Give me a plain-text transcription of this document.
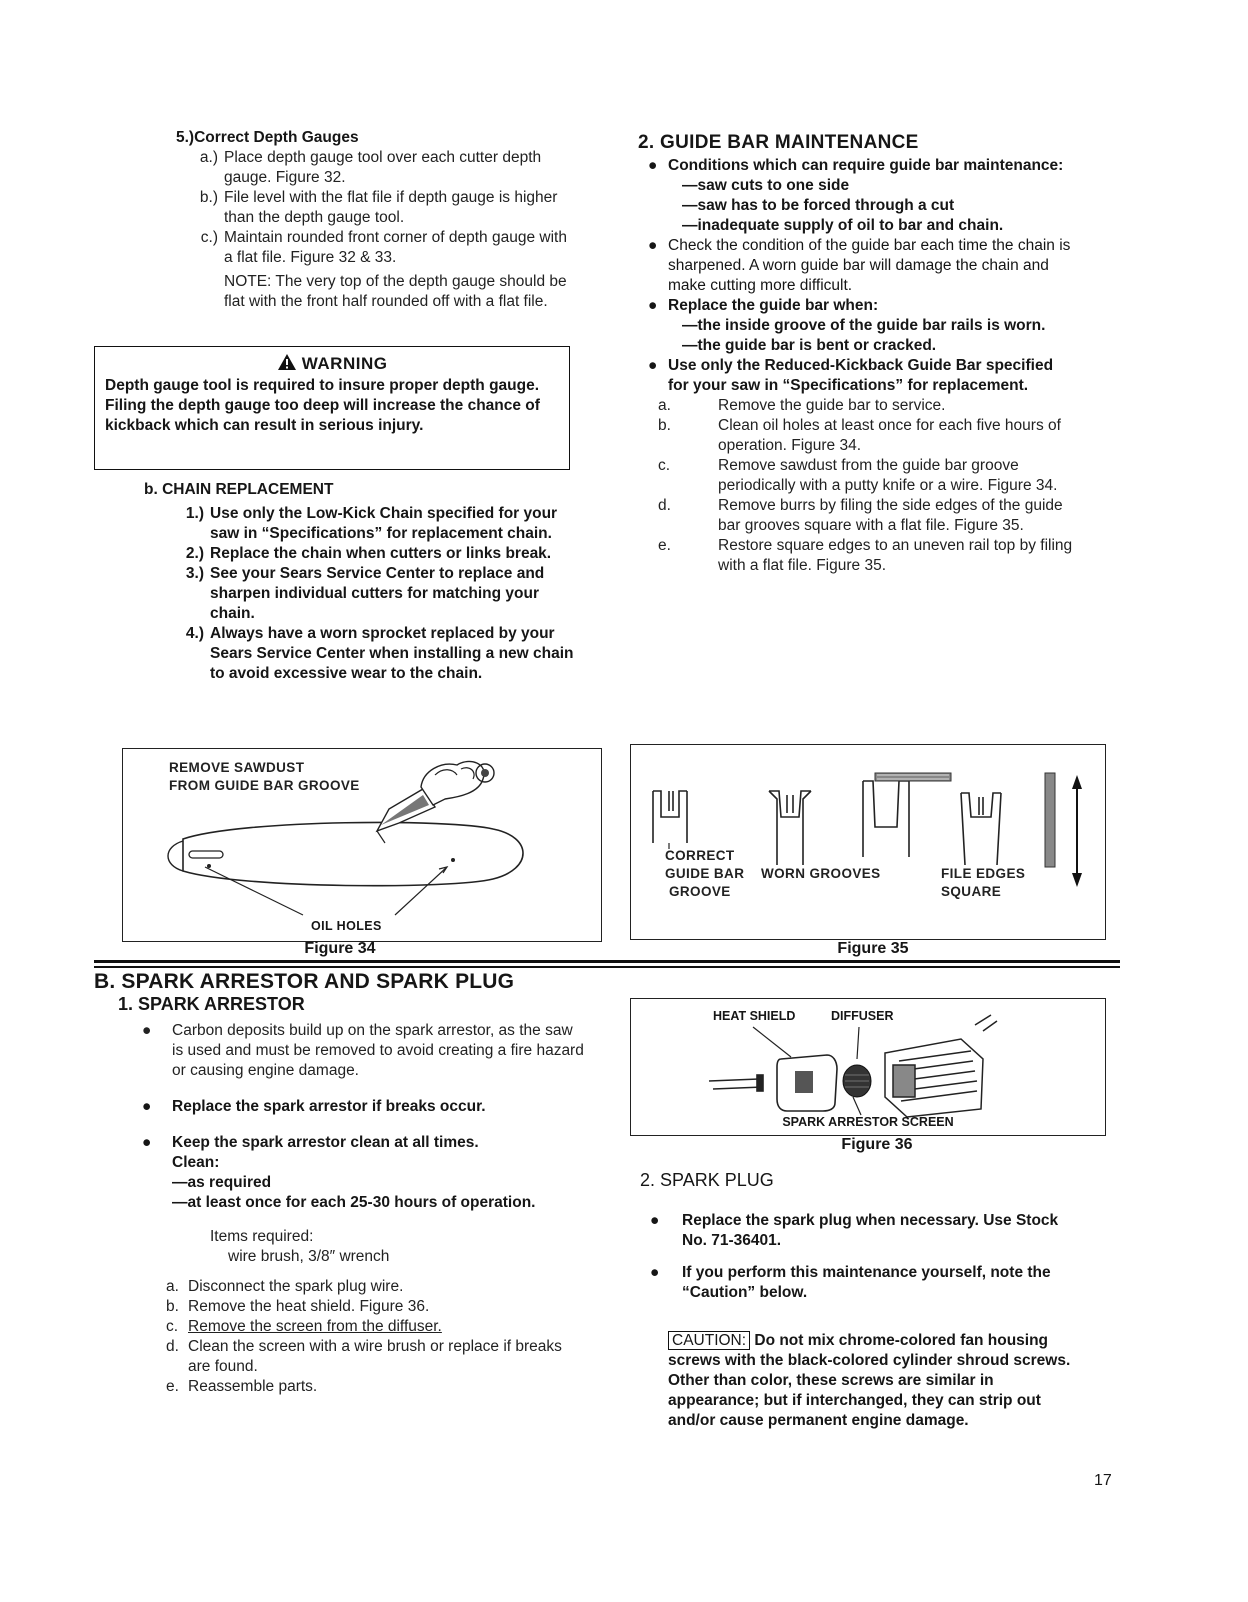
5.)Correct Depth Gauges

a.) Place depth gauge tool over each cutter depth gauge. Figure 32.
b.) File level with the flat file if depth gauge is higher than the depth gauge tool.
c.) Maintain rounded front corner of depth gauge with a flat file. Figure 32 & 33.

NOTE: The very top of the depth gauge should be flat with the front half rounded off with a flat file.

WARNING

Depth gauge tool is required to insure proper depth gauge. Filing the depth gauge too deep will increase the chance of kickback which can result in serious injury.

b. CHAIN REPLACEMENT

1.) Use only the Low-Kick Chain specified for your saw in “Specifications” for replacement chain.
2.) Replace the chain when cutters or links break.
3.) See your Sears Service Center to replace and sharpen individual cutters for matching your chain.
4.) Always have a worn sprocket replaced by your Sears Service Center when installing a new chain to avoid excessive wear to the chain.
2. GUIDE BAR MAINTENANCE
● Conditions which can require guide bar maintenance:
—saw cuts to one side
—saw has to be forced through a cut
—inadequate supply of oil to bar and chain.
● Check the condition of the guide bar each time the chain is sharpened. A worn guide bar will damage the chain and make cutting more difficult.
● Replace the guide bar when:
—the inside groove of the guide bar rails is worn.
—the guide bar is bent or cracked.
● Use only the Reduced-Kickback Guide Bar specified for your saw in “Specifications” for replacement.
a.	Remove the guide bar to service.
b.	Clean oil holes at least once for each five hours of operation. Figure 34.
c.	Remove sawdust from the guide bar groove periodically with a putty knife or a wire. Figure 34.
d.	Remove burrs by filing the side edges of the guide bar grooves square with a flat file. Figure 35.
e.	Restore square edges to an uneven rail top by filing with a flat file. Figure 35.
REMOVE SAWDUST
FROM GUIDE BAR GROOVE
OIL HOLES
Figure 34
CORRECT
GUIDE BAR
GROOVE
WORN GROOVES	FILE EDGES
SQUARE
Figure 35
B. SPARK ARRESTOR AND SPARK PLUG
1. SPARK ARRESTOR
● Carbon deposits build up on the spark arrestor, as the saw is used and must be removed to avoid creating a fire hazard or causing engine damage.
● Replace the spark arrestor if breaks occur.
● Keep the spark arrestor clean at all times.
Clean:
—as required
—at least once for each 25-30 hours of operation.
Items required:
wire brush, 3/8″ wrench
a. Disconnect the spark plug wire.
b. Remove the heat shield. Figure 36.
c. Remove the screen from the diffuser.
d. Clean the screen with a wire brush or replace if breaks are found.
e. Reassemble parts.
HEAT SHIELD	DIFFUSER
SPARK ARRESTOR SCREEN
Figure 36
2. SPARK PLUG
● Replace the spark plug when necessary. Use Stock No. 71-36401.
● If you perform this maintenance yourself, note the “Caution” below.

CAUTION: Do not mix chrome-colored fan housing screws with the black-colored cylinder shroud screws. Other than color, these screws are similar in appearance; but if interchanged, they can strip out and/or cause permanent engine damage.

17
